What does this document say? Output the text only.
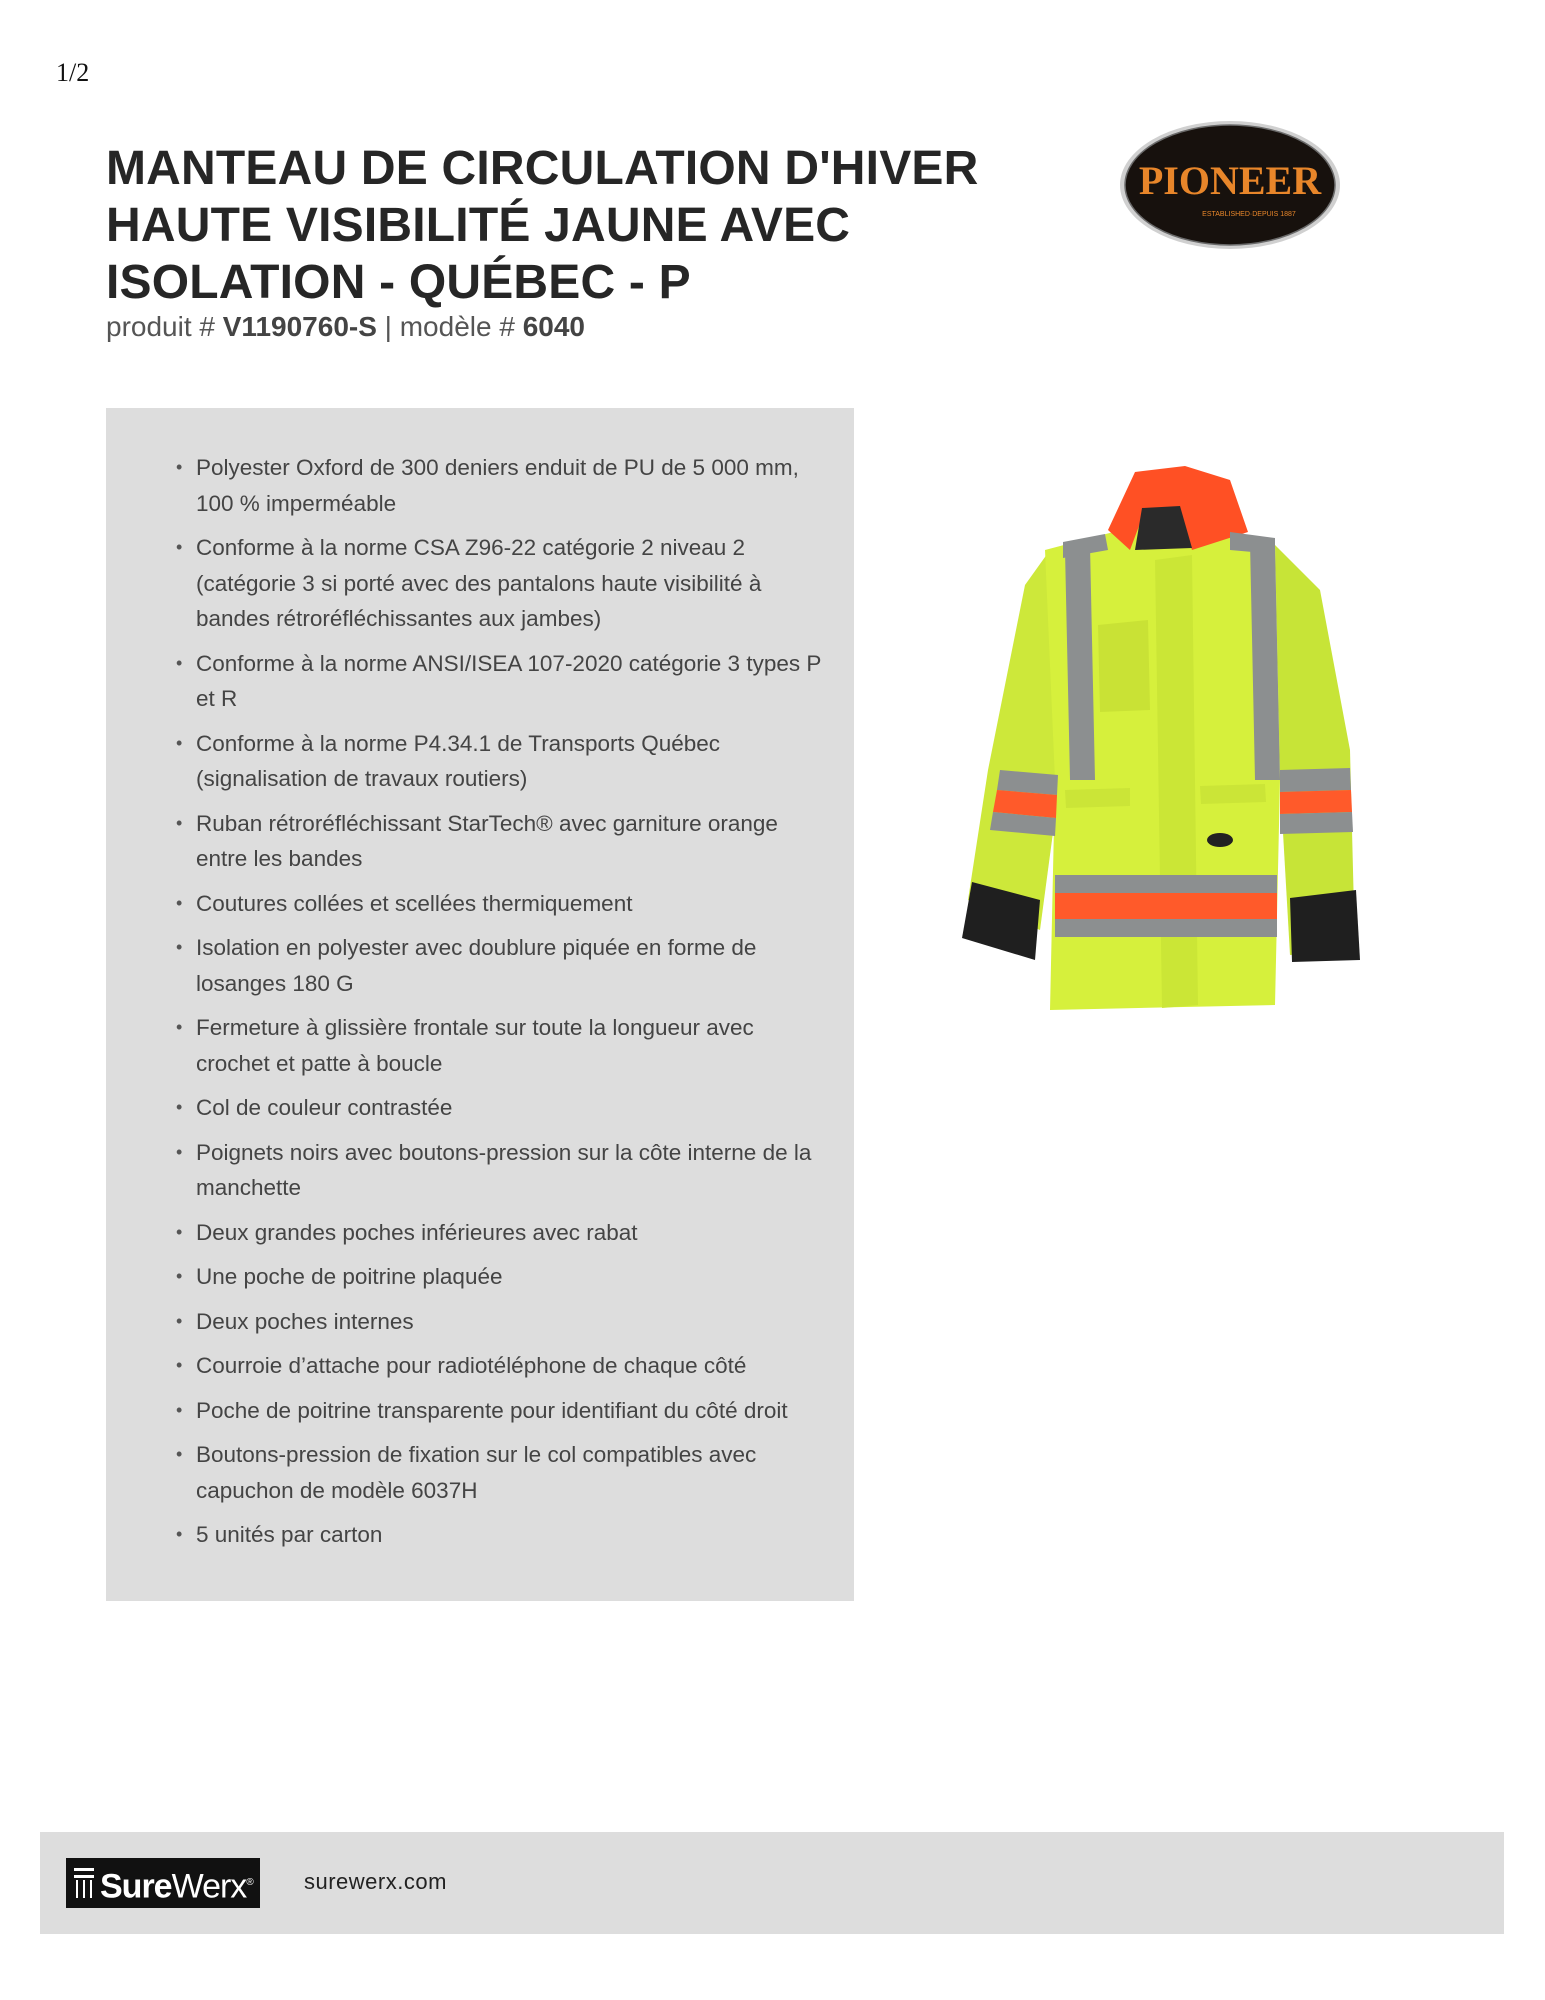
1/2
MANTEAU DE CIRCULATION D'HIVER
HAUTE VISIBILITÉ JAUNE AVEC
ISOLATION - QUÉBEC - P
produit # V1190760-S | modèle # 6040
PIONEER
ESTABLISHED·DEPUIS 1887
• Polyester Oxford de 300 deniers enduit de PU de 5 000 mm, 100 % imperméable
• Conforme à la norme CSA Z96-22 catégorie 2 niveau 2 (catégorie 3 si porté avec des pantalons haute visibilité à bandes rétroréfléchissantes aux jambes)
• Conforme à la norme ANSI/ISEA 107-2020 catégorie 3 types P et R
• Conforme à la norme P4.34.1 de Transports Québec (signalisation de travaux routiers)
• Ruban rétroréfléchissant StarTech® avec garniture orange entre les bandes
• Coutures collées et scellées thermiquement
• Isolation en polyester avec doublure piquée en forme de losanges 180 G
• Fermeture à glissière frontale sur toute la longueur avec crochet et patte à boucle
• Col de couleur contrastée
• Poignets noirs avec boutons-pression sur la côte interne de la manchette
• Deux grandes poches inférieures avec rabat
• Une poche de poitrine plaquée
• Deux poches internes
• Courroie d’attache pour radiotéléphone de chaque côté
• Poche de poitrine transparente pour identifiant du côté droit
• Boutons-pression de fixation sur le col compatibles avec capuchon de modèle 6037H
• 5 unités par carton
SureWerx® surewerx.com
